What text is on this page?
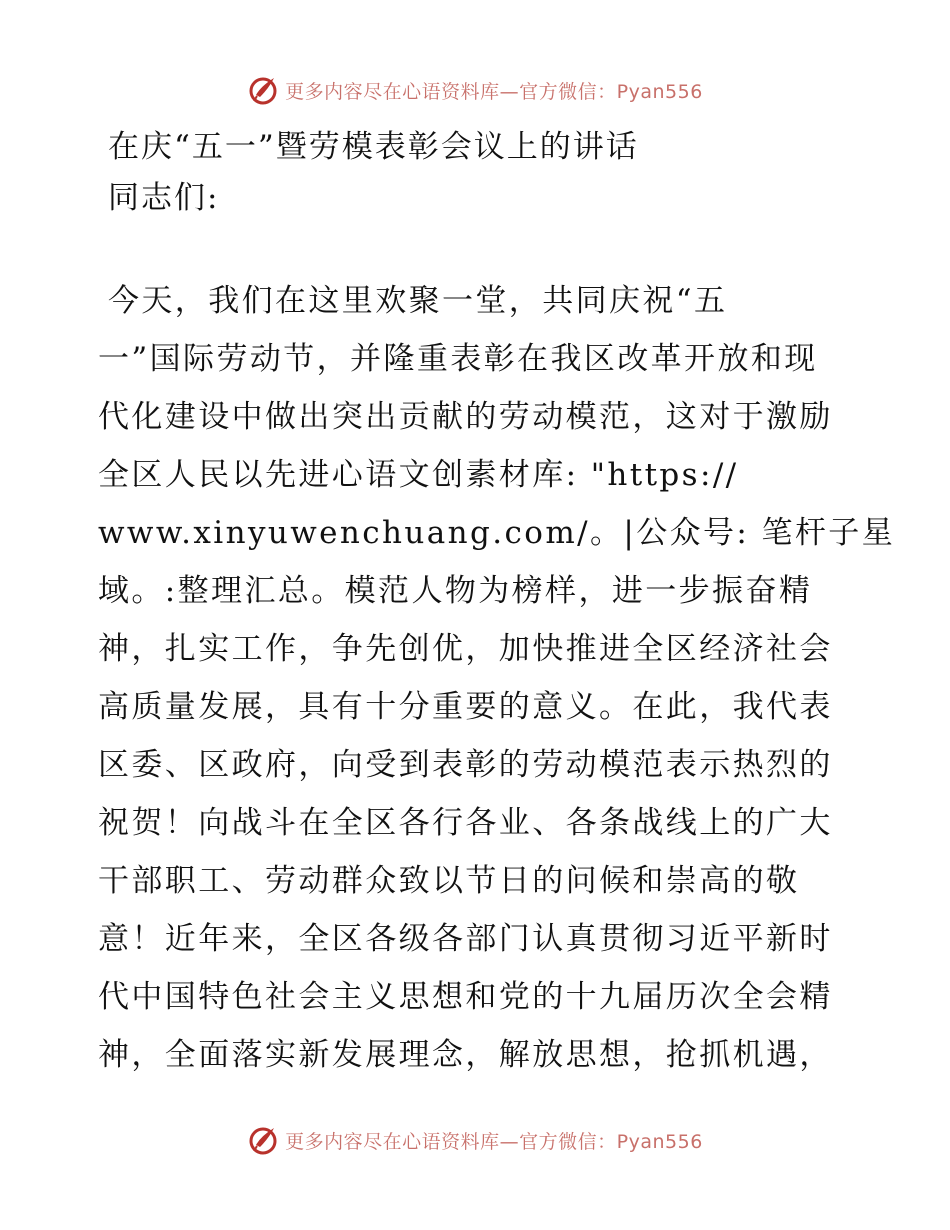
更多内容尽在心语资料库—官方微信：Pyan556
在庆“五一”暨劳模表彰会议上的讲话

同志们:

今天，我们在这里欢聚一堂，共同庆祝“五
一”国际劳动节，并隆重表彰在我区改革开放和现
代化建设中做出突出贡献的劳动模范，这对于激励
全区人民以先进心语文创素材库: "https://
www.xinyuwenchuang.com/。|公众号: 笔杆子星
域。:整理汇总。模范人物为榜样，进一步振奋精
神，扎实工作，争先创优，加快推进全区经济社会
高质量发展，具有十分重要的意义。在此，我代表
区委、区政府，向受到表彰的劳动模范表示热烈的
祝贺！向战斗在全区各行各业、各条战线上的广大
干部职工、劳动群众致以节日的问候和崇高的敬
意！近年来，全区各级各部门认真贯彻习近平新时
代中国特色社会主义思想和党的十九届历次全会精
神，全面落实新发展理念，解放思想，抢抓机遇，
更多内容尽在心语资料库—官方微信：Pyan556
